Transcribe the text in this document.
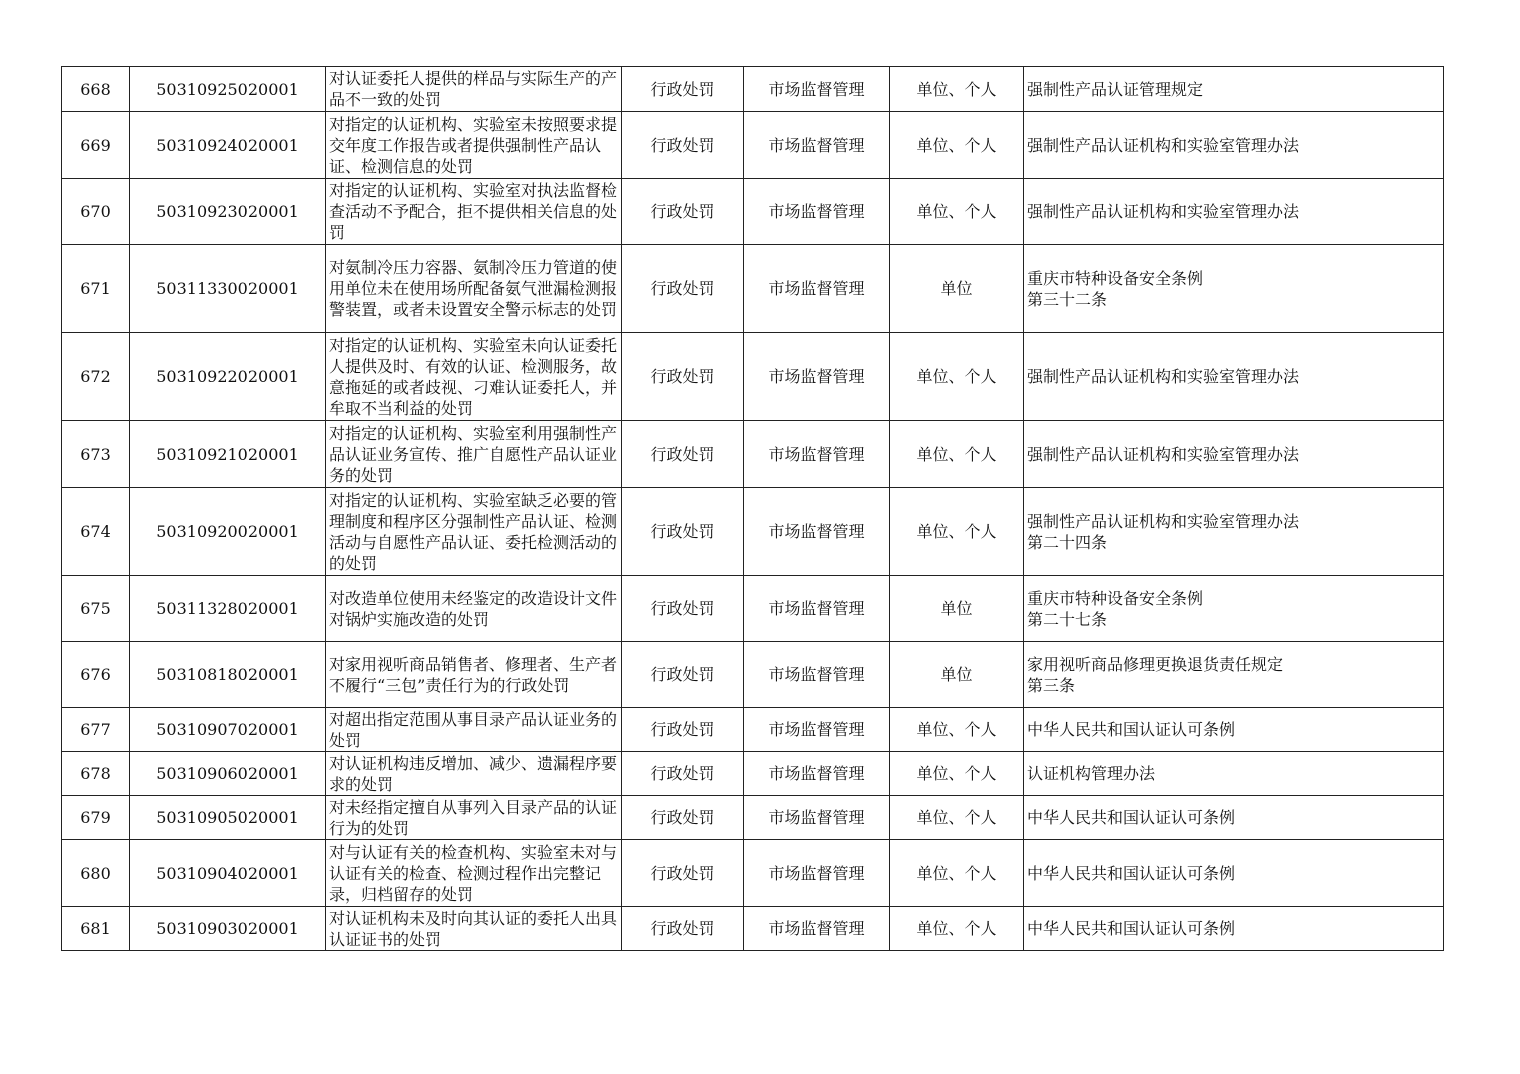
668	50310925020001	对认证委托人提供的样品与实际生产的产品不一致的处罚	行政处罚	市场监督管理	单位、个人	强制性产品认证管理规定

669	50310924020001	对指定的认证机构、实验室未按照要求提交年度工作报告或者提供强制性产品认证、检测信息的处罚	行政处罚	市场监督管理	单位、个人	强制性产品认证机构和实验室管理办法

670	50310923020001	对指定的认证机构、实验室对执法监督检查活动不予配合，拒不提供相关信息的处罚	行政处罚	市场监督管理	单位、个人	强制性产品认证机构和实验室管理办法

671	50311330020001	对氨制冷压力容器、氨制冷压力管道的使用单位未在使用场所配备氨气泄漏检测报警装置，或者未设置安全警示标志的处罚	行政处罚	市场监督管理	单位	重庆市特种设备安全条例
第三十二条

672	50310922020001	对指定的认证机构、实验室未向认证委托人提供及时、有效的认证、检测服务，故意拖延的或者歧视、刁难认证委托人，并牟取不当利益的处罚	行政处罚	市场监督管理	单位、个人	强制性产品认证机构和实验室管理办法

673	50310921020001	对指定的认证机构、实验室利用强制性产品认证业务宣传、推广自愿性产品认证业务的处罚	行政处罚	市场监督管理	单位、个人	强制性产品认证机构和实验室管理办法

674	50310920020001	对指定的认证机构、实验室缺乏必要的管理制度和程序区分强制性产品认证、检测活动与自愿性产品认证、委托检测活动的的处罚	行政处罚	市场监督管理	单位、个人	强制性产品认证机构和实验室管理办法
第二十四条

675	50311328020001	对改造单位使用未经鉴定的改造设计文件对锅炉实施改造的处罚	行政处罚	市场监督管理	单位	重庆市特种设备安全条例
第二十七条

676	50310818020001	对家用视听商品销售者、修理者、生产者不履行“三包”责任行为的行政处罚	行政处罚	市场监督管理	单位	家用视听商品修理更换退货责任规定
第三条

677	50310907020001	对超出指定范围从事目录产品认证业务的处罚	行政处罚	市场监督管理	单位、个人	中华人民共和国认证认可条例

678	50310906020001	对认证机构违反增加、减少、遗漏程序要求的处罚	行政处罚	市场监督管理	单位、个人	认证机构管理办法

679	50310905020001	对未经指定擅自从事列入目录产品的认证行为的处罚	行政处罚	市场监督管理	单位、个人	中华人民共和国认证认可条例

680	50310904020001	对与认证有关的检查机构、实验室未对与认证有关的检查、检测过程作出完整记录，归档留存的处罚	行政处罚	市场监督管理	单位、个人	中华人民共和国认证认可条例

681	50310903020001	对认证机构未及时向其认证的委托人出具认证证书的处罚	行政处罚	市场监督管理	单位、个人	中华人民共和国认证认可条例
